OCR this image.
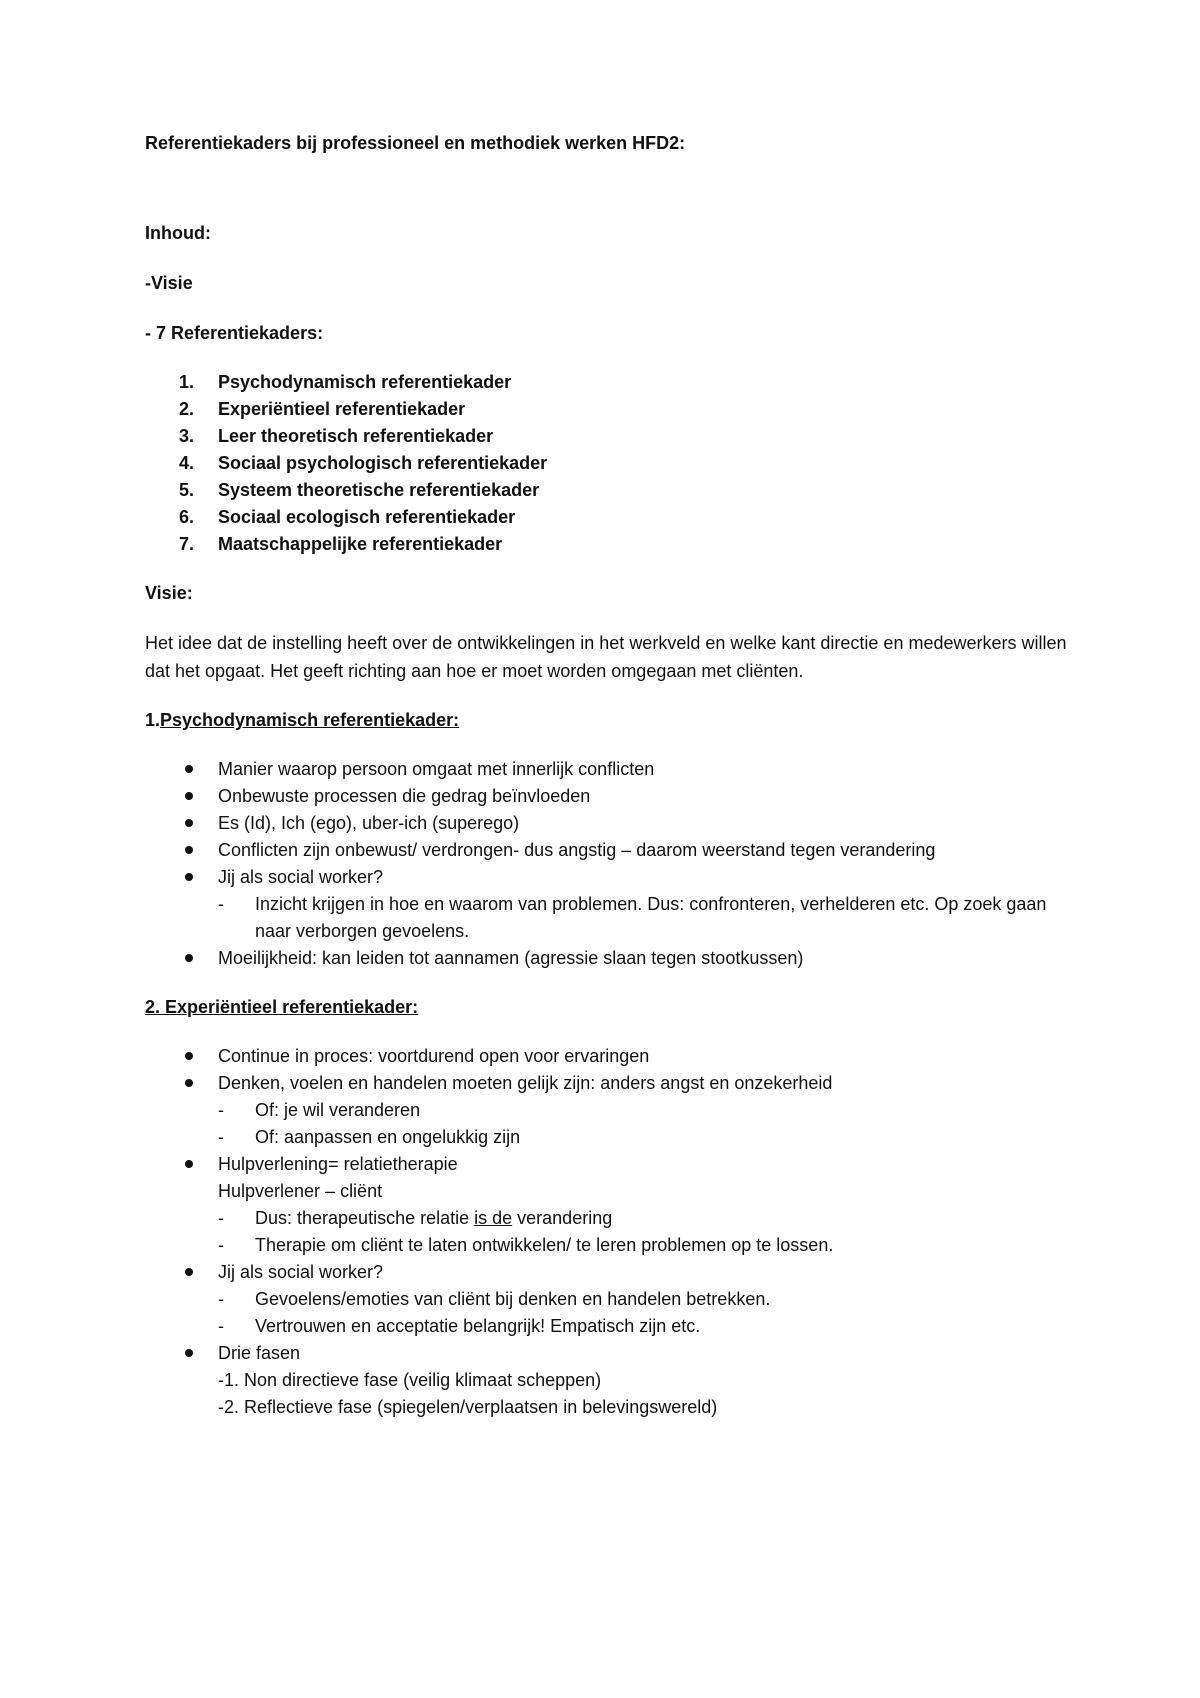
Referentiekaders bij professioneel en methodiek werken HFD2:
Inhoud:
-Visie
- 7 Referentiekaders:
1. Psychodynamisch referentiekader
2. Experiëntieel referentiekader
3. Leer theoretisch referentiekader
4. Sociaal psychologisch referentiekader
5. Systeem theoretische referentiekader
6. Sociaal ecologisch referentiekader
7. Maatschappelijke referentiekader
Visie:
Het idee dat de instelling heeft over de ontwikkelingen in het werkveld en welke kant directie en medewerkers willen dat het opgaat. Het geeft richting aan hoe er moet worden omgegaan met cliënten.
1.Psychodynamisch referentiekader:
Manier waarop persoon omgaat met innerlijk conflicten
Onbewuste processen die gedrag beïnvloeden
Es (Id), Ich (ego), uber-ich (superego)
Conflicten zijn onbewust/ verdrongen- dus angstig – daarom weerstand tegen verandering
Jij als social worker?
- Inzicht krijgen in hoe en waarom van problemen. Dus: confronteren, verhelderen etc. Op zoek gaan naar verborgen gevoelens.
Moeilijkheid: kan leiden tot aannamen (agressie slaan tegen stootkussen)
2. Experiëntieel referentiekader:
Continue in proces: voortdurend open voor ervaringen
Denken, voelen en handelen moeten gelijk zijn: anders angst en onzekerheid
- Of: je wil veranderen
- Of: aanpassen en ongelukkig zijn
Hulpverlening= relatietherapie
Hulpverlener – cliënt
- Dus: therapeutische relatie is de verandering
- Therapie om cliënt te laten ontwikkelen/ te leren problemen op te lossen.
Jij als social worker?
- Gevoelens/emoties van cliënt bij denken en handelen betrekken.
- Vertrouwen en acceptatie belangrijk! Empatisch zijn etc.
Drie fasen
-1. Non directieve fase (veilig klimaat scheppen)
-2. Reflectieve fase (spiegelen/verplaatsen in belevingswereld)
